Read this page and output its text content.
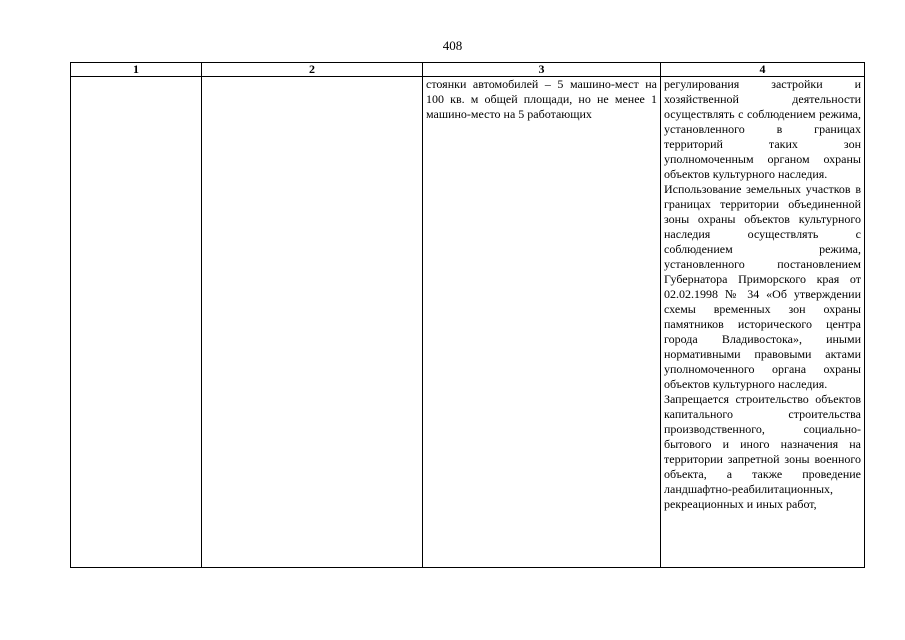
408
1	2	3	4
		стоянки автомобилей – 5 машино-мест на 100 кв. м общей площади, но не менее 1 машино-место на 5 работающих	регулирования застройки и хозяйственной деятельности осуществлять с соблюдением режима, установленного в границах территорий таких зон уполномоченным органом охраны объектов культурного наследия.
Использование земельных участков в границах территории объединенной зоны охраны объектов культурного наследия осуществлять с соблюдением режима, установленного постановлением Губернатора Приморского края от 02.02.1998 № 34 «Об утверждении схемы временных зон охраны памятников исторического центра города Владивостока», иными нормативными правовыми актами уполномоченного органа охраны объектов культурного наследия.
Запрещается строительство объектов капитального строительства производственного, социально-бытового и иного назначения на территории запретной зоны военного объекта, а также проведение ландшафтно-реабилитационных, рекреационных и иных работ,
